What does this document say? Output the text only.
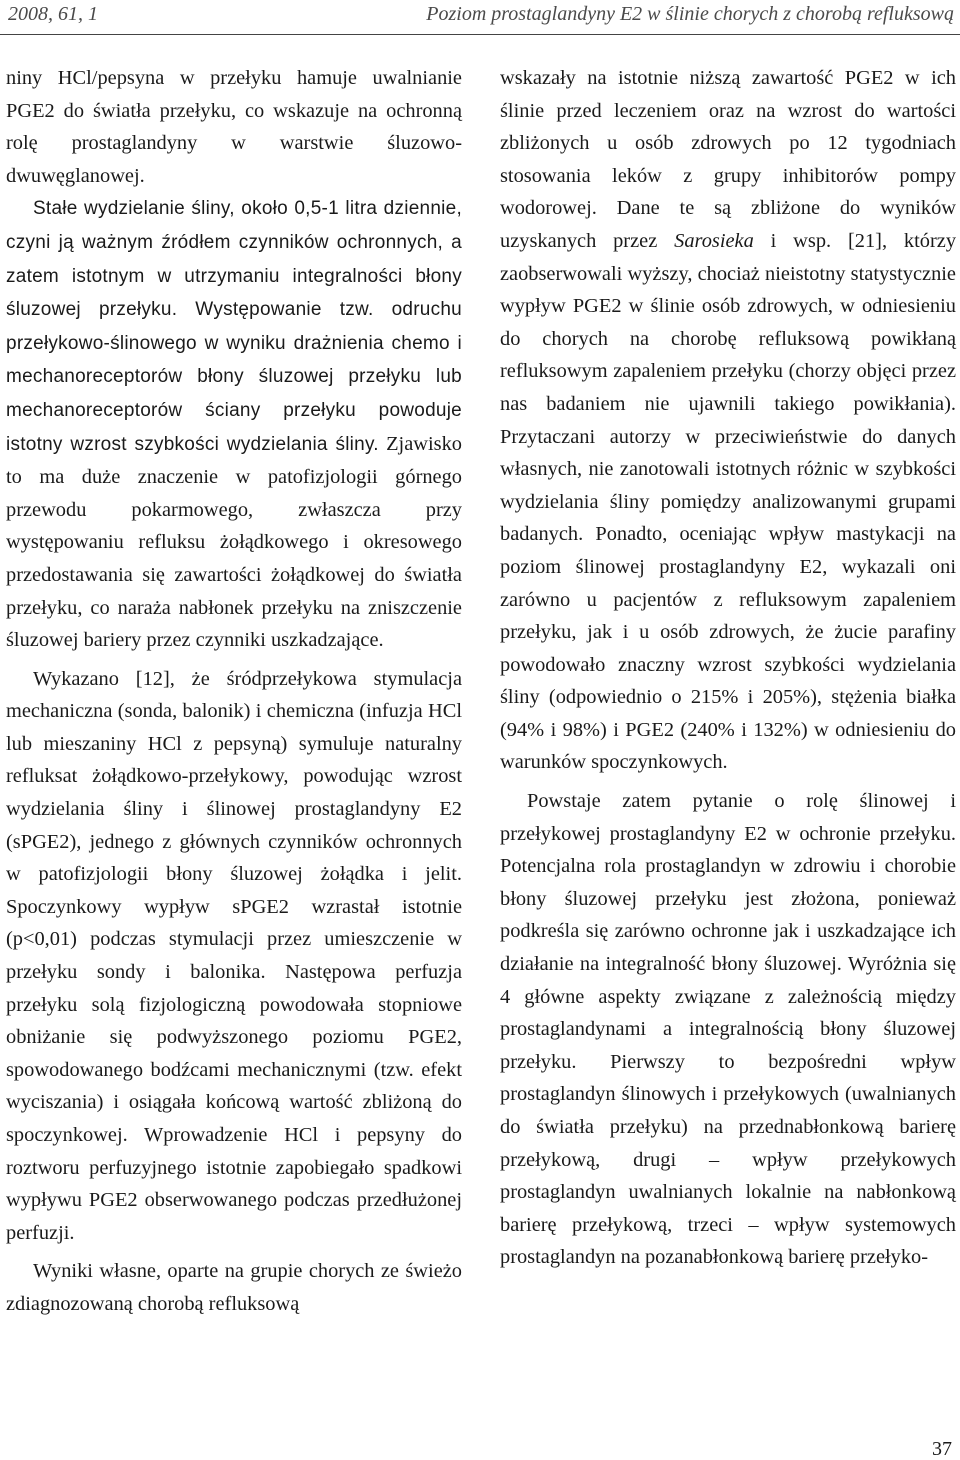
2008, 61, 1	Poziom prostaglandyny E2 w ślinie chorych z chorobą refluksową

niny HCl/pepsyna w przełyku hamuje uwalnianie PGE2 do światła przełyku, co wskazuje na ochronną rolę prostaglandyny w warstwie śluzowo-dwuwęglanowej.

Stałe wydzielanie śliny, około 0,5-1 litra dziennie, czyni ją ważnym źródłem czynników ochronnych, a zatem istotnym w utrzymaniu integralności błony śluzowej przełyku. Występowanie tzw. odruchu przełykowo-ślinowego w wyniku drażnienia chemo i mechanoreceptorów błony śluzowej przełyku lub mechanoreceptorów ściany przełyku powoduje istotny wzrost szybkości wydzielania śliny. Zjawisko to ma duże znaczenie w patofizjologii górnego przewodu pokarmowego, zwłaszcza przy występowaniu refluksu żołądkowego i okresowego przedostawania się zawartości żołądkowej do światła przełyku, co naraża nabłonek przełyku na zniszczenie śluzowej bariery przez czynniki uszkadzające.

Wykazano [12], że śródprzełykowa stymulacja mechaniczna (sonda, balonik) i chemiczna (infuzja HCl lub mieszaniny HCl z pepsyną) symuluje naturalny refluksat żołądkowo-przełykowy, powodując wzrost wydzielania śliny i ślinowej prostaglandyny E2 (sPGE2), jednego z głównych czynników ochronnych w patofizjologii błony śluzowej żołądka i jelit. Spoczynkowy wypływ sPGE2 wzrastał istotnie (p<0,01) podczas stymulacji przez umieszczenie w przełyku sondy i balonika. Następowa perfuzja przełyku solą fizjologiczną powodowała stopniowe obniżanie się podwyższonego poziomu PGE2, spowodowanego bodźcami mechanicznymi (tzw. efekt wyciszania) i osiągała końcową wartość zbliżoną do spoczynkowej. Wprowadzenie HCl i pepsyny do roztworu perfuzyjnego istotnie zapobiegało spadkowi wypływu PGE2 obserwowanego podczas przedłużonej perfuzji.

Wyniki własne, oparte na grupie chorych ze świeżo zdiagnozowaną chorobą refluksową

wskazały na istotnie niższą zawartość PGE2 w ich ślinie przed leczeniem oraz na wzrost do wartości zbliżonych u osób zdrowych po 12 tygodniach stosowania leków z grupy inhibitorów pompy wodorowej. Dane te są zbliżone do wyników uzyskanych przez Sarosieka i wsp. [21], którzy zaobserwowali wyższy, chociaż nieistotny statystycznie wypływ PGE2 w ślinie osób zdrowych, w odniesieniu do chorych na chorobę refluksową powikłaną refluksowym zapaleniem przełyku (chorzy objęci przez nas badaniem nie ujawnili takiego powikłania). Przytaczani autorzy w przeciwieństwie do danych własnych, nie zanotowali istotnych różnic w szybkości wydzielania śliny pomiędzy analizowanymi grupami badanych. Ponadto, oceniając wpływ mastykacji na poziom ślinowej prostaglandyny E2, wykazali oni zarówno u pacjentów z refluksowym zapaleniem przełyku, jak i u osób zdrowych, że żucie parafiny powodowało znaczny wzrost szybkości wydzielania śliny (odpowiednio o 215% i 205%), stężenia białka (94% i 98%) i PGE2 (240% i 132%) w odniesieniu do warunków spoczynkowych.

Powstaje zatem pytanie o rolę ślinowej i przełykowej prostaglandyny E2 w ochronie przełyku. Potencjalna rola prostaglandyn w zdrowiu i chorobie błony śluzowej przełyku jest złożona, ponieważ podkreśla się zarówno ochronne jak i uszkadzające ich działanie na integralność błony śluzowej. Wyróżnia się 4 główne aspekty związane z zależnością między prostaglandynami a integralnością błony śluzowej przełyku. Pierwszy to bezpośredni wpływ prostaglandyn ślinowych i przełykowych (uwalnianych do światła przełyku) na przednabłonkową barierę przełykową, drugi – wpływ przełykowych prostaglandyn uwalnianych lokalnie na nabłonkową barierę przełykową, trzeci – wpływ systemowych prostaglandyn na pozanabłonkową barierę przełyko-

37
